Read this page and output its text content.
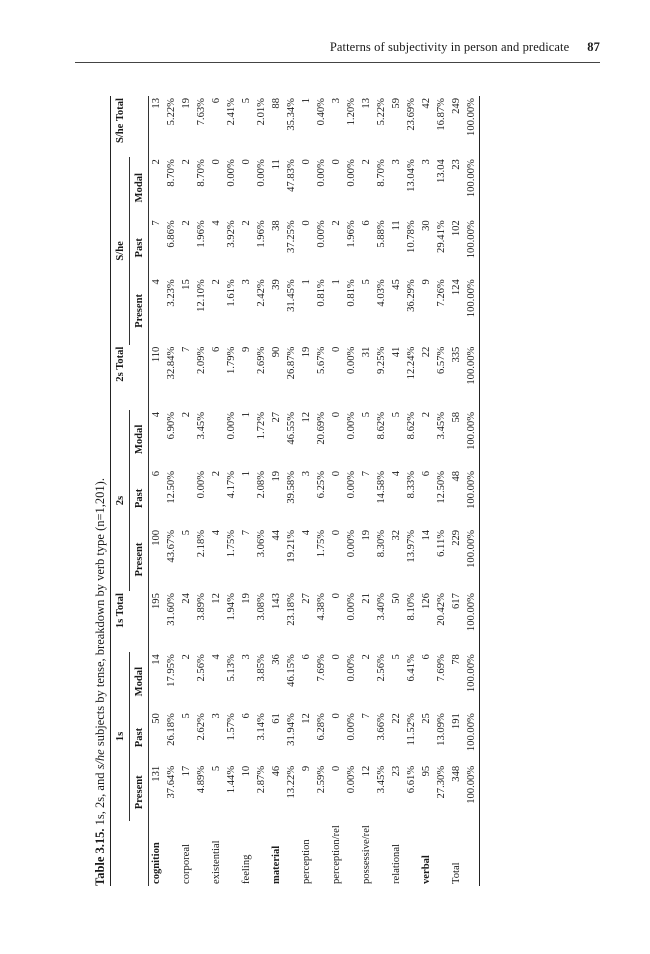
Patterns of subjectivity in person and predicate 87
Table 3.15. 1s, 2s, and s/he subjects by tense, breakdown by verb type (n=1,201).
	1s			1s Total	2s			2s Total	S/he			S/he Total
	Present	Past	Modal		Present	Past	Modal		Present	Past	Modal	
cognition	131	50	14	195	100	6	4	110	4	7	2	13
	37.64%	26.18%	17.95%	31.60%	43.67%	12.50%	6.90%	32.84%	3.23%	6.86%	8.70%	5.22%
corporeal	17	5	2	24	5		2	7	15	2	2	19
	4.89%	2.62%	2.56%	3.89%	2.18%	0.00%	3.45%	2.09%	12.10%	1.96%	8.70%	7.63%
existential	5	3	4	12	4	2		6	2	4	0	6
	1.44%	1.57%	5.13%	1.94%	1.75%	4.17%	0.00%	1.79%	1.61%	3.92%	0.00%	2.41%
feeling	10	6	3	19	7	1	1	9	3	2	0	5
	2.87%	3.14%	3.85%	3.08%	3.06%	2.08%	1.72%	2.69%	2.42%	1.96%	0.00%	2.01%
material	46	61	36	143	44	19	27	90	39	38	11	88
	13.22%	31.94%	46.15%	23.18%	19.21%	39.58%	46.55%	26.87%	31.45%	37.25%	47.83%	35.34%
perception	9	12	6	27	4	3	12	19	1	0	0	1
	2.59%	6.28%	7.69%	4.38%	1.75%	6.25%	20.69%	5.67%	0.81%	0.00%	0.00%	0.40%
perception/rel	0	0	0	0	0	0	0	0	1	2	0	3
	0.00%	0.00%	0.00%	0.00%	0.00%	0.00%	0.00%	0.00%	0.81%	1.96%	0.00%	1.20%
possessive/rel	12	7	2	21	19	7	5	31	5	6	2	13
	3.45%	3.66%	2.56%	3.40%	8.30%	14.58%	8.62%	9.25%	4.03%	5.88%	8.70%	5.22%
relational	23	22	5	50	32	4	5	41	45	11	3	59
	6.61%	11.52%	6.41%	8.10%	13.97%	8.33%	8.62%	12.24%	36.29%	10.78%	13.04%	23.69%
verbal	95	25	6	126	14	6	2	22	9	30	3	42
	27.30%	13.09%	7.69%	20.42%	6.11%	12.50%	3.45%	6.57%	7.26%	29.41%	13.04	16.87%
Total	348	191	78	617	229	48	58	335	124	102	23	249
	100.00%	100.00%	100.00%	100.00%	100.00%	100.00%	100.00%	100.00%	100.00%	100.00%	100.00%	100.00%
